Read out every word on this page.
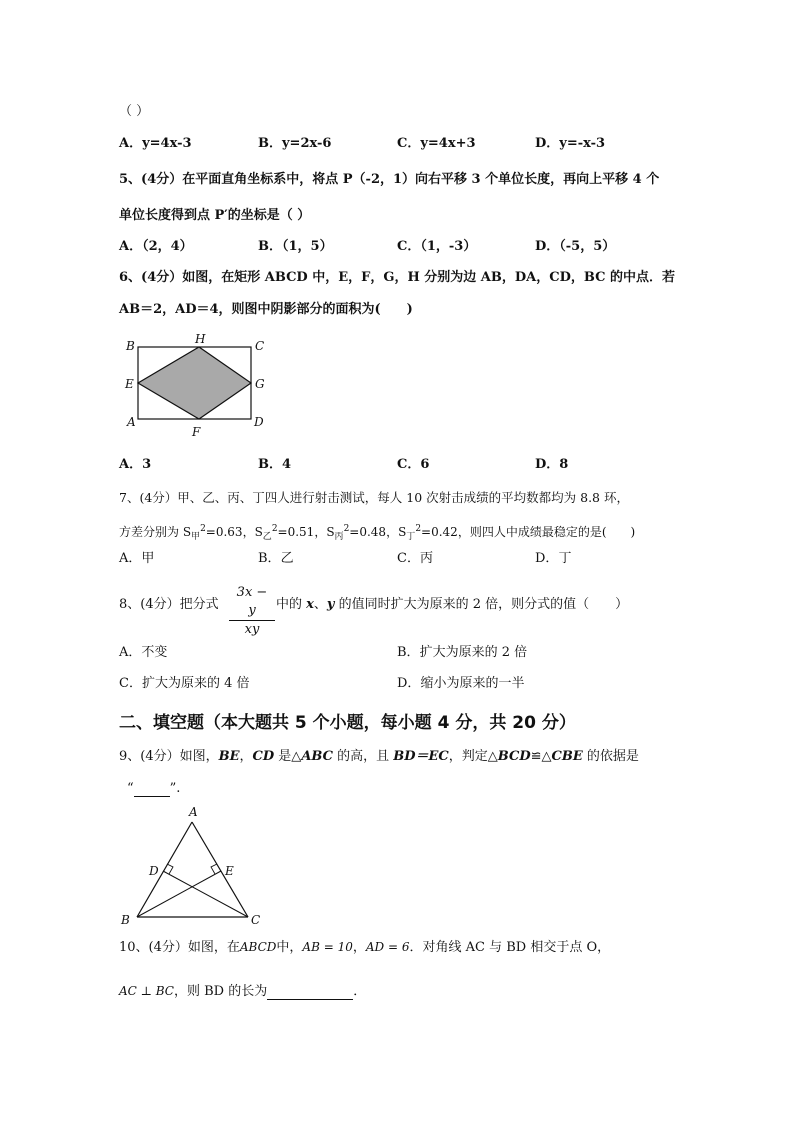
（ ）
A．y=4x-3	B．y=2x-6	C．y=4x+3	D．y=-x-3
5、(4分）在平面直角坐标系中，将点 P（-2，1）向右平移 3 个单位长度，再向上平移 4 个
单位长度得到点 P′的坐标是（ ）
A．（2，4）	B．（1，5）	C．（1，-3）	D．（-5，5）
6、(4分）如图，在矩形 ABCD 中，E，F，G，H 分别为边 AB，DA，CD，BC 的中点．若
AB＝2，AD＝4，则图中阴影部分的面积为(　　)
B	H	C
E	G
A
F
D
A．3	B．4	C．6	D．8
7、(4分）甲、乙、丙、丁四人进行射击测试，每人 10 次射击成绩的平均数都均为 8.8 环，
方差分别为 $S_甲^2=0.63$，$S_乙^2=0.51$，$S_丙^2=0.48$，$S_丁^2=0.42$，则四人中成绩最稳定的是(　　)
A．甲	B．乙	C．丙	D．丁
8、(4分）把分式 $\frac{3x - y}{xy}$ 中的 x、y 的值同时扩大为原来的 2 倍，则分式的值（　　）
A．不变	B．扩大为原来的 2 倍
C．扩大为原来的 4 倍	D．缩小为原来的一半
二、填空题（本大题共 5 个小题，每小题 4 分，共 20 分）
9、(4分）如图，BE，CD 是△ABC 的高，且 BD＝EC，判定△BCD≌△CBE 的依据是
“	”.
A
D	E
B	C
10、(4分）如图，在ABCD中，AB = 10，AD = 6．对角线 AC 与 BD 相交于点 O，
AC ⊥ BC，则 BD 的长为	．
